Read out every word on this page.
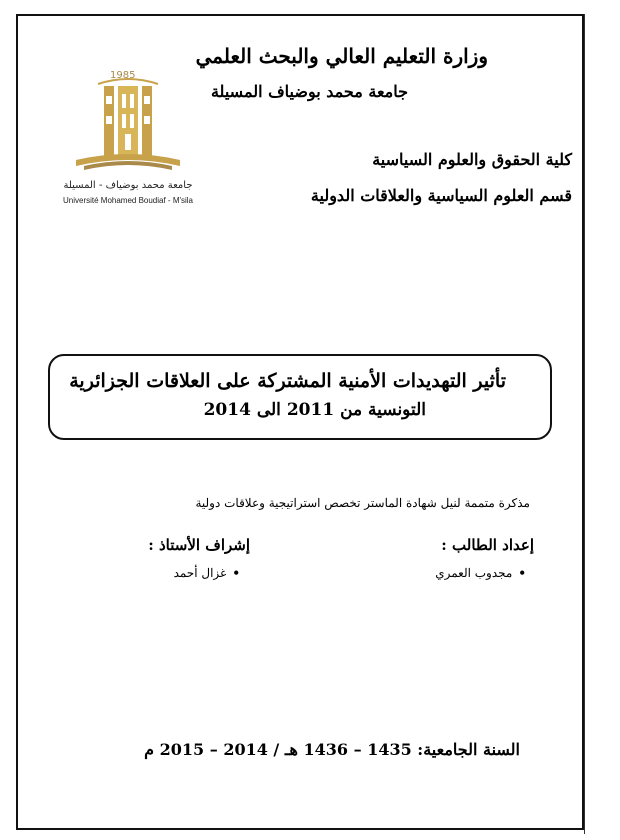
وزارة التعليم العالي والبحث العلمي
جامعة محمد بوضياف المسيلة
1985
جامعة محمد بوضياف - المسيلة
Université Mohamed Boudiaf - M'sila
كلية الحقوق والعلوم السياسية
قسم العلوم السياسية والعلاقات الدولية
تأثير التهديدات الأمنية المشتركة على العلاقات الجزائرية
التونسية من 2011 الى 2014
مذكرة متممة لنيل شهادة الماستر تخصص استراتيجية وعلاقات دولية
إعداد الطالب :
إشراف الأستاذ :
•مجدوب العمري
•غزال أحمد
السنة الجامعية: 1435 – 1436 هـ / 2014 – 2015 م
